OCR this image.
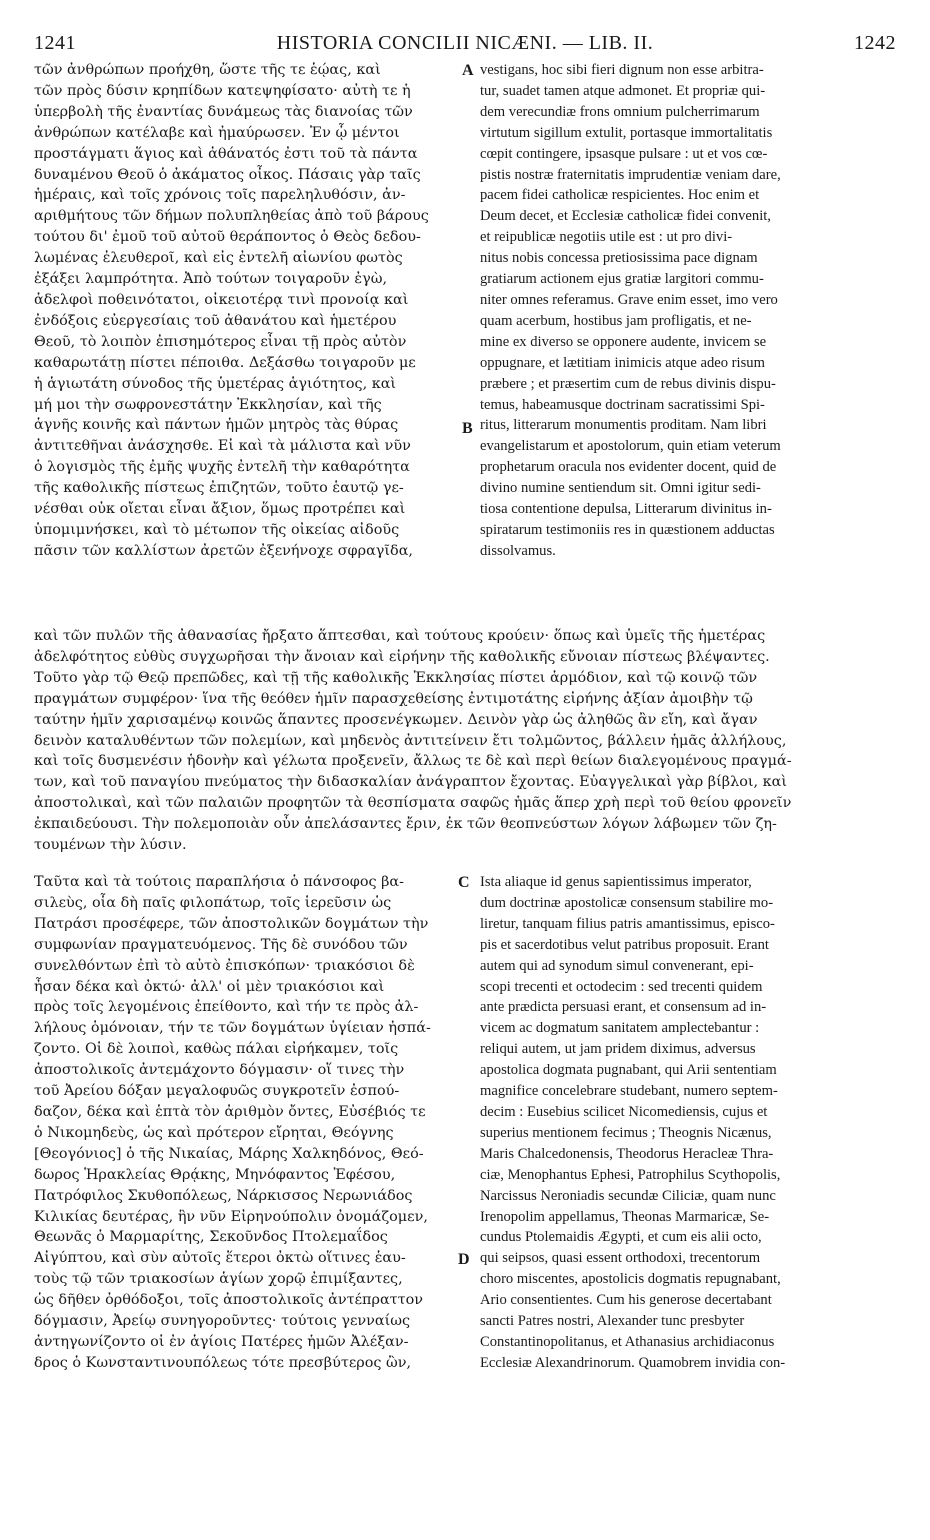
1241	HISTORIA CONCILII NICÆNI. — LIB. II.	1242
τῶν ἀνθρώπων προήχθη, ὥστε τῆς τε ἑῴας, καὶ
τῶν πρὸς δύσιν κρηπίδων κατεψηφίσατο· αὐτὴ τε ἡ
ὑπερβολὴ τῆς ἐναντίας δυνάμεως τὰς διανοίας τῶν
ἀνθρώπων κατέλαβε καὶ ἠμαύρωσεν. Ἐν ᾧ μέντοι
προστάγματι ἅγιος καὶ ἀθάνατός ἐστι τοῦ τὰ πάντα
δυναμένου Θεοῦ ὁ ἀκάματος οἶκος. Πάσαις γὰρ ταῖς
ἡμέραις, καὶ τοῖς χρόνοις τοῖς παρεληλυθόσιν, ἀν-
αριθμήτους τῶν δήμων πολυπληθείας ἀπὸ τοῦ βάρους
τούτου δι' ἐμοῦ τοῦ αὐτοῦ θεράποντος ὁ Θεὸς δεδου-
λωμένας ἐλευθεροῖ, καὶ εἰς ἐντελῆ αἰωνίου φωτὸς
ἐξάξει λαμπρότητα. Ἀπὸ τούτων τοιγαροῦν ἐγὼ,
ἀδελφοὶ ποθεινότατοι, οἰκειοτέρᾳ τινὶ προνοίᾳ καὶ
ἐνδόξοις εὐεργεσίαις τοῦ ἀθανάτου καὶ ἡμετέρου
Θεοῦ, τὸ λοιπὸν ἐπισημότερος εἶναι τῇ πρὸς αὐτὸν
καθαρωτάτῃ πίστει πέποιθα. Δεξάσθω τοιγαροῦν με
ἡ ἁγιωτάτη σύνοδος τῆς ὑμετέρας ἁγιότητος, καὶ
μή μοι τὴν σωφρονεστάτην Ἐκκλησίαν, καὶ τῆς
ἁγνῆς κοινῆς καὶ πάντων ἡμῶν μητρὸς τὰς θύρας
ἀντιτεθῆναι ἀνάσχησθε. Εἰ καὶ τὰ μάλιστα καὶ νῦν
ὁ λογισμὸς τῆς ἐμῆς ψυχῆς ἐντελῆ τὴν καθαρότητα
τῆς καθολικῆς πίστεως ἐπιζητῶν, τοῦτο ἑαυτῷ γε-
νέσθαι οὐκ οἴεται εἶναι ἄξιον, ὅμως προτρέπει καὶ
ὑπομιμνήσκει, καὶ τὸ μέτωπον τῆς οἰκείας αἰδοῦς
πᾶσιν τῶν καλλίστων ἀρετῶν ἐξενήνοχε σφραγῖδα,
vestigans, hoc sibi fieri dignum non esse arbitra-
tur, suadet tamen atque admonet. Et propriæ qui-
dem verecundiæ frons omnium pulcherrimarum
virtutum sigillum extulit, portasque immortalitatis
cœpit contingere, ipsasque pulsare : ut et vos cœ-
pistis nostræ fraternitatis imprudentiæ veniam dare,
pacem fidei catholicæ respicientes. Hoc enim et
Deum decet, et Ecclesiæ catholicæ fidei convenit,
et reipublicæ negotiis utile est : ut pro divi-
nitus nobis concessa pretiosissima pace dignam
gratiarum actionem ejus gratiæ largitori commu-
niter omnes referamus. Grave enim esset, imo vero
quam acerbum, hostibus jam profligatis, et ne-
mine ex diverso se opponere audente, invicem se
oppugnare, et lætitiam inimicis atque adeo risum
præbere ; et præsertim cum de rebus divinis dispu-
temus, habeamusque doctrinam sacratissimi Spi-
ritus, litterarum monumentis proditam. Nam libri
evangelistarum et apostolorum, quin etiam veterum
prophetarum oracula nos evidenter docent, quid de
divino numine sentiendum sit. Omni igitur sedi-
tiosa contentione depulsa, Litterarum divinitus in-
spiratarum testimoniis res in quæstionem adductas
dissolvamus.
καὶ τῶν πυλῶν τῆς ἀθανασίας ἤρξατο ἅπτεσθαι, καὶ τούτους κρούειν· ὅπως καὶ ὑμεῖς τῆς ἡμετέρας
ἀδελφότητος εὐθὺς συγχωρῆσαι τὴν ἄνοιαν καὶ εἰρήνην τῆς καθολικῆς εὔνοιαν πίστεως βλέψαντες.
Τοῦτο γὰρ τῷ Θεῷ πρεπῶδες, καὶ τῇ τῆς καθολικῆς Ἐκκλησίας πίστει ἁρμόδιον, καὶ τῷ κοινῷ τῶν
πραγμάτων συμφέρον· ἵνα τῆς θεόθεν ἡμῖν παρασχεθείσης ἐντιμοτάτης εἰρήνης ἀξίαν ἀμοιβὴν τῷ
ταύτην ἡμῖν χαρισαμένῳ κοινῶς ἅπαντες προσενέγκωμεν. Δεινὸν γὰρ ὡς ἀληθῶς ἂν εἴη, καὶ ἄγαν
δεινὸν καταλυθέντων τῶν πολεμίων, καὶ μηδενὸς ἀντιτείνειν ἔτι τολμῶντος, βάλλειν ἡμᾶς ἀλλήλους,
καὶ τοῖς δυσμενέσιν ἡδονὴν καὶ γέλωτα προξενεῖν, ἄλλως τε δὲ καὶ περὶ θείων διαλεγομένους πραγμά-
των, καὶ τοῦ παναγίου πνεύματος τὴν διδασκαλίαν ἀνάγραπτον ἔχοντας. Εὐαγγελικαὶ γὰρ βίβλοι, καὶ
ἀποστολικαὶ, καὶ τῶν παλαιῶν προφητῶν τὰ θεσπίσματα σαφῶς ἡμᾶς ἅπερ χρὴ περὶ τοῦ θείου φρονεῖν
ἐκπαιδεύουσι. Τὴν πολεμοποιὰν οὖν ἀπελάσαντες ἔριν, ἐκ τῶν θεοπνεύστων λόγων λάβωμεν τῶν ζη-
τουμένων τὴν λύσιν.
Ταῦτα καὶ τὰ τούτοις παραπλήσια ὁ πάνσοφος βα-
σιλεὺς, οἷα δὴ παῖς φιλοπάτωρ, τοῖς ἱερεῦσιν ὡς
Πατράσι προσέφερε, τῶν ἀποστολικῶν δογμάτων τὴν
συμφωνίαν πραγματευόμενος. Τῆς δὲ συνόδου τῶν
συνελθόντων ἐπὶ τὸ αὐτὸ ἐπισκόπων· τριακόσιοι δὲ
ἦσαν δέκα καὶ ὀκτώ· ἀλλ' οἱ μὲν τριακόσιοι καὶ
πρὸς τοῖς λεγομένοις ἐπείθοντο, καὶ τήν τε πρὸς ἀλ-
λήλους ὁμόνοιαν, τήν τε τῶν δογμάτων ὑγίειαν ἠσπά-
ζοντο. Οἱ δὲ λοιποὶ, καθὼς πάλαι εἰρήκαμεν, τοῖς
ἀποστολικοῖς ἀντεμάχοντο δόγμασιν· οἵ τινες τὴν
τοῦ Ἀρείου δόξαν μεγαλοφυῶς συγκροτεῖν ἐσπού-
δαζον, δέκα καὶ ἑπτὰ τὸν ἀριθμὸν ὄντες, Εὐσέβιός τε
ὁ Νικομηδεὺς, ὡς καὶ πρότερον εἴρηται, Θεόγνης
[Θεογόνιος] ὁ τῆς Νικαίας, Μάρης Χαλκηδόνος, Θεό-
δωρος Ἡρακλείας Θρᾴκης, Μηνόφαντος Ἐφέσου,
Πατρόφιλος Σκυθοπόλεως, Νάρκισσος Νερωνιάδος
Κιλικίας δευτέρας, ἣν νῦν Εἰρηνούπολιν ὀνομάζομεν,
Θεωνᾶς ὁ Μαρμαρίτης, Σεκοῦνδος Πτολεμαΐδος
Αἰγύπτου, καὶ σὺν αὐτοῖς ἕτεροι ὀκτὼ οἵτινες ἑαυ-
τοὺς τῷ τῶν τριακοσίων ἁγίων χορῷ ἐπιμίξαντες,
ὡς δῆθεν ὀρθόδοξοι, τοῖς ἀποστολικοῖς ἀντέπραττον
δόγμασιν, Ἀρείῳ συνηγοροῦντες· τούτοις γενναίως
ἀντηγωνίζοντο οἱ ἐν ἁγίοις Πατέρες ἡμῶν Ἀλέξαν-
δρος ὁ Κωνσταντινουπόλεως τότε πρεσβύτερος ὢν,
Ista aliaque id genus sapientissimus imperator,
dum doctrinæ apostolicæ consensum stabilire mo-
liretur, tanquam filius patris amantissimus, episco-
pis et sacerdotibus velut patribus proposuit. Erant
autem qui ad synodum simul convenerant, epi-
scopi trecenti et octodecim : sed trecenti quidem
ante prædicta persuasi erant, et consensum ad in-
vicem ac dogmatum sanitatem amplectebantur :
reliqui autem, ut jam pridem diximus, adversus
apostolica dogmata pugnabant, qui Arii sententiam
magnifice concelebrare studebant, numero septem-
decim : Eusebius scilicet Nicomediensis, cujus et
superius mentionem fecimus ; Theognis Nicænus,
Maris Chalcedonensis, Theodorus Heracleæ Thra-
ciæ, Menophantus Ephesi, Patrophilus Scythopolis,
Narcissus Neroniadis secundæ Ciliciæ, quam nunc
Irenopolim appellamus, Theonas Marmaricæ, Se-
cundus Ptolemaidis Ægypti, et cum eis alii octo,
qui seipsos, quasi essent orthodoxi, trecentorum
choro miscentes, apostolicis dogmatis repugnabant,
Ario consentientes. Cum his generose decertabant
sancti Patres nostri, Alexander tunc presbyter
Constantinopolitanus, et Athanasius archidiaconus
Ecclesiæ Alexandrinorum. Quamobrem invidia con-
A
B
C
D
